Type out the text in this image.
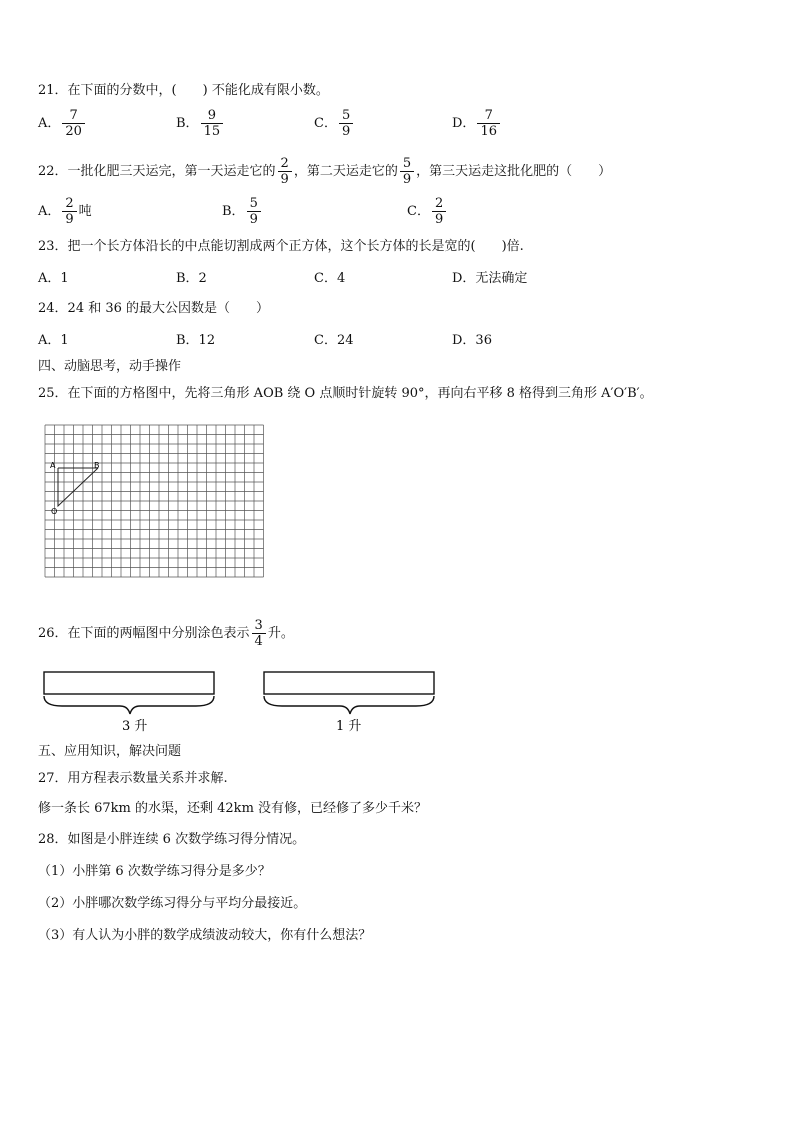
21．在下面的分数中，(　　) 不能化成有限小数。
A． $\frac{7}{20}$	B． $\frac{9}{15}$	C． $\frac{5}{9}$	D． $\frac{7}{16}$
22．一批化肥三天运完，第一天运走它的 $\frac{2}{9}$ ，第二天运走它的 $\frac{5}{9}$ ，第三天运走这批化肥的（　　）
A． $\frac{2}{9}$ 吨	B． $\frac{5}{9}$	C． $\frac{2}{9}$
23．把一个长方体沿长的中点能切割成两个正方体，这个长方体的长是宽的(　　)倍.
A．1	B．2	C．4	D．无法确定
24．24 和 36 的最大公因数是（　　）
A．1	B．12	C．24	D．36
四、动脑思考，动手操作
25．在下面的方格图中，先将三角形 AOB 绕 O 点顺时针旋转 90°，再向右平移 8 格得到三角形 A′O′B′。
A	B
O
26．在下面的两幅图中分别涂色表示 $\frac{3}{4}$ 升。
3 升	1 升
五、应用知识，解决问题
27．用方程表示数量关系并求解.
修一条长 67km 的水渠，还剩 42km 没有修，已经修了多少千米？
28．如图是小胖连续 6 次数学练习得分情况。
（1）小胖第 6 次数学练习得分是多少？
（2）小胖哪次数学练习得分与平均分最接近。
（3）有人认为小胖的数学成绩波动较大，你有什么想法？
